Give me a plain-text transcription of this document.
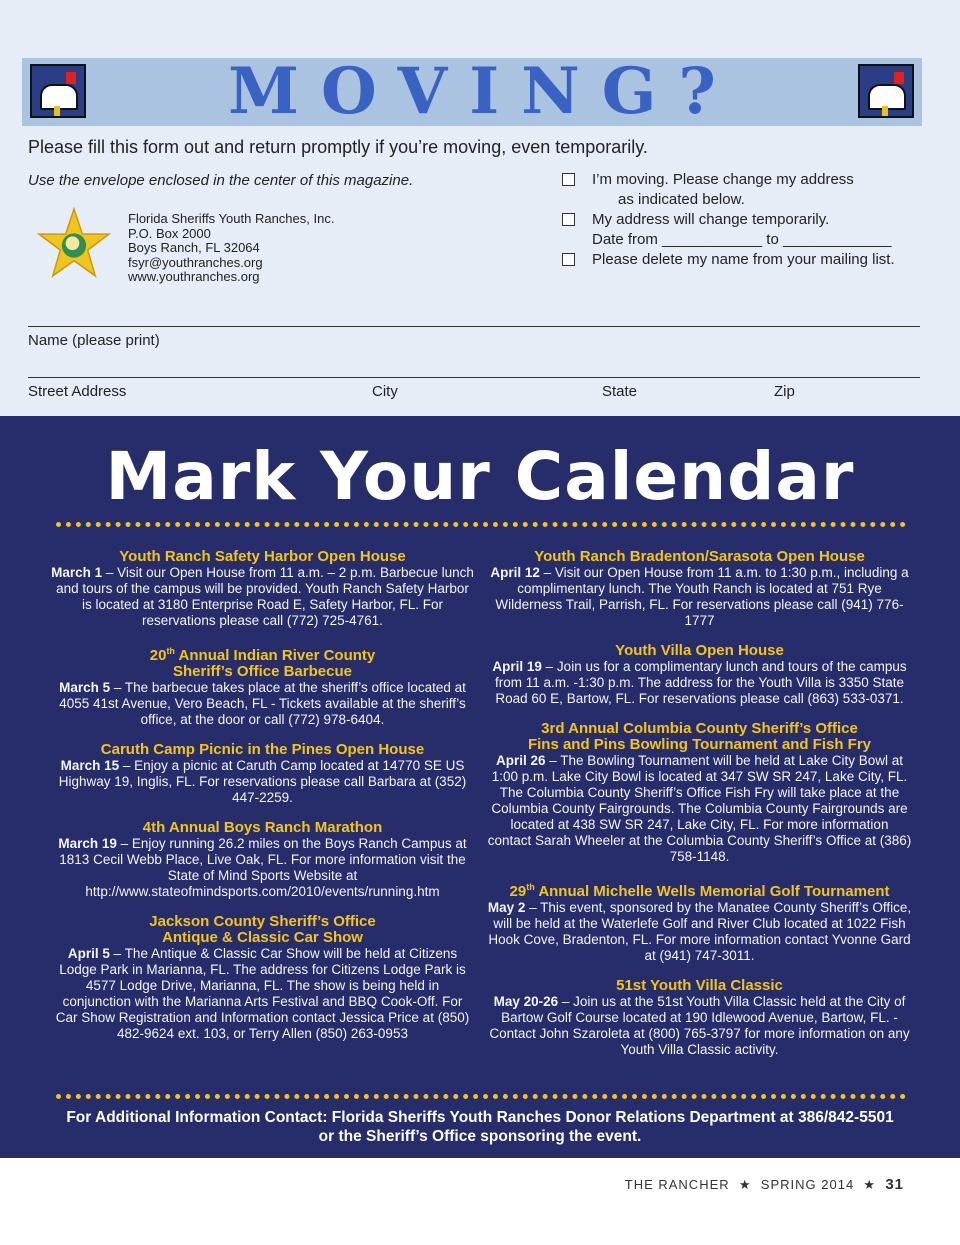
MOVING?
Please fill this form out and return promptly if you’re moving, even temporarily.
Use the envelope enclosed in the center of this magazine.
Florida Sheriffs Youth Ranches, Inc.
P.O. Box 2000
Boys Ranch, FL 32064
fsyr@youthranches.org
www.youthranches.org
I’m moving. Please change my address
as indicated below.
My address will change temporarily.
Date from ____________ to _____________
Please delete my name from your mailing list.
Name (please print)
Street Address	City	State	Zip
Mark Your Calendar
Youth Ranch Safety Harbor Open House
March 1 – Visit our Open House from 11 a.m. – 2 p.m. Barbecue lunch and tours of the campus will be provided. Youth Ranch Safety Harbor is located at 3180 Enterprise Road E, Safety Harbor, FL. For reservations please call (772) 725-4761.
20th Annual Indian River County
Sheriff’s Office Barbecue
March 5 – The barbecue takes place at the sheriff’s office located at 4055 41st Avenue, Vero Beach, FL - Tickets available at the sheriff’s office, at the door or call (772) 978-6404.
Caruth Camp Picnic in the Pines Open House
March 15 – Enjoy a picnic at Caruth Camp located at 14770 SE US Highway 19, Inglis, FL. For reservations please call Barbara at (352) 447-2259.
4th Annual Boys Ranch Marathon
March 19 – Enjoy running 26.2 miles on the Boys Ranch Campus at 1813 Cecil Webb Place, Live Oak, FL. For more information visit the State of Mind Sports Website at http://www.stateofmindsports.com/2010/events/running.htm
Jackson County Sheriff’s Office
Antique & Classic Car Show
April 5 – The Antique & Classic Car Show will be held at Citizens Lodge Park in Marianna, FL. The address for Citizens Lodge Park is 4577 Lodge Drive, Marianna, FL. The show is being held in conjunction with the Marianna Arts Festival and BBQ Cook-Off. For Car Show Registration and Information contact Jessica Price at (850) 482-9624 ext. 103, or Terry Allen (850) 263-0953
Youth Ranch Bradenton/Sarasota Open House
April 12 – Visit our Open House from 11 a.m. to 1:30 p.m., including a complimentary lunch. The Youth Ranch is located at 751 Rye Wilderness Trail, Parrish, FL. For reservations please call (941) 776-1777
Youth Villa Open House
April 19 – Join us for a complimentary lunch and tours of the campus from 11 a.m. -1:30 p.m. The address for the Youth Villa is 3350 State Road 60 E, Bartow, FL. For reservations please call (863) 533-0371.
3rd Annual Columbia County Sheriff’s Office
Fins and Pins Bowling Tournament and Fish Fry
April 26 – The Bowling Tournament will be held at Lake City Bowl at 1:00 p.m. Lake City Bowl is located at 347 SW SR 247, Lake City, FL. The Columbia County Sheriff’s Office Fish Fry will take place at the Columbia County Fairgrounds. The Columbia County Fairgrounds are located at 438 SW SR 247, Lake City, FL. For more information contact Sarah Wheeler at the Columbia County Sheriff’s Office at (386) 758-1148.
29th Annual Michelle Wells Memorial Golf Tournament
May 2 – This event, sponsored by the Manatee County Sheriff’s Office, will be held at the Waterlefe Golf and River Club located at 1022 Fish Hook Cove, Bradenton, FL. For more information contact Yvonne Gard at (941) 747-3011.
51st Youth Villa Classic
May 20-26 – Join us at the 51st Youth Villa Classic held at the City of Bartow Golf Course located at 190 Idlewood Avenue, Bartow, FL. - Contact John Szaroleta at (800) 765-3797 for more information on any Youth Villa Classic activity.
For Additional Information Contact: Florida Sheriffs Youth Ranches Donor Relations Department at 386/842-5501
or the Sheriff’s Office sponsoring the event.
THE RANCHER  ★  SPRING 2014  ★  31
